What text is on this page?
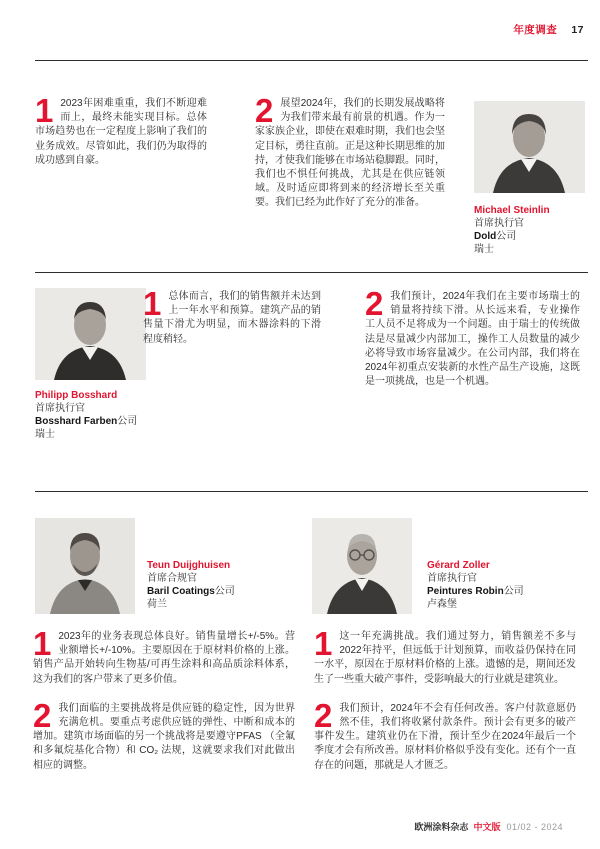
年度调查 17

1 2023年困难重重，我们不断迎难而上，最终未能实现目标。总体市场趋势也在一定程度上影响了我们的业务成效。尽管如此，我们仍为取得的成功感到自豪。

2 展望2024年，我们的长期发展战略将为我们带来最有前景的机遇。作为一家家族企业，即使在艰难时期，我们也会坚定目标，勇往直前。正是这种长期思维的加持，才使我们能够在市场站稳脚跟。同时，我们也不惧任何挑战，尤其是在供应链领域。及时适应即将到来的经济增长至关重要。我们已经为此作好了充分的准备。

Michael Steinlin
首席执行官
Dold公司
瑞士
Philipp Bosshard
首席执行官
Bosshard Farben公司
瑞士

1 总体而言，我们的销售额并未达到上一年水平和预算。建筑产品的销售量下滑尤为明显，而木器涂料的下滑程度稍轻。

2 我们预计，2024年我们在主要市场瑞士的销量将持续下滑。从长远来看，专业操作工人员不足将成为一个问题。由于瑞士的传统做法是尽量减少内部加工，操作工人员数量的减少必将导致市场容量减少。在公司内部，我们将在2024年初重点安装新的水性产品生产设施，这既是一项挑战，也是一个机遇。

Teun Duijghuisen
首席合规官
Baril Coatings公司
荷兰
Gérard Zoller
首席执行官
Peintures Robin公司
卢森堡

1 2023年的业务表现总体良好。销售量增长+/-5%。营业额增长+/-10%。主要原因在于原材料价格的上涨。销售产品开始转向生物基/可再生涂料和高品质涂料体系，这为我们的客户带来了更多价值。

2 我们面临的主要挑战将是供应链的稳定性，因为世界充满危机。要重点考虑供应链的弹性、中断和成本的增加。建筑市场面临的另一个挑战将是要遵守PFAS （全氟和多氟烷基化合物）和 CO₂ 法规，这就要求我们对此做出相应的调整。

1 这一年充满挑战。我们通过努力，销售额差不多与2022年持平，但远低于计划预算，而收益仍保持在同一水平，原因在于原材料价格的上涨。遗憾的是，期间还发生了一些重大破产事件，受影响最大的行业就是建筑业。

2 我们预计，2024年不会有任何改善。客户付款意愿仍然不佳，我们将收紧付款条件。预计会有更多的破产事件发生。建筑业仍在下滑，预计至少在2024年最后一个季度才会有所改善。原材料价格似乎没有变化。还有个一直存在的问题，那就是人才匮乏。

欧洲涂料杂志 中文版 01/02 - 2024
